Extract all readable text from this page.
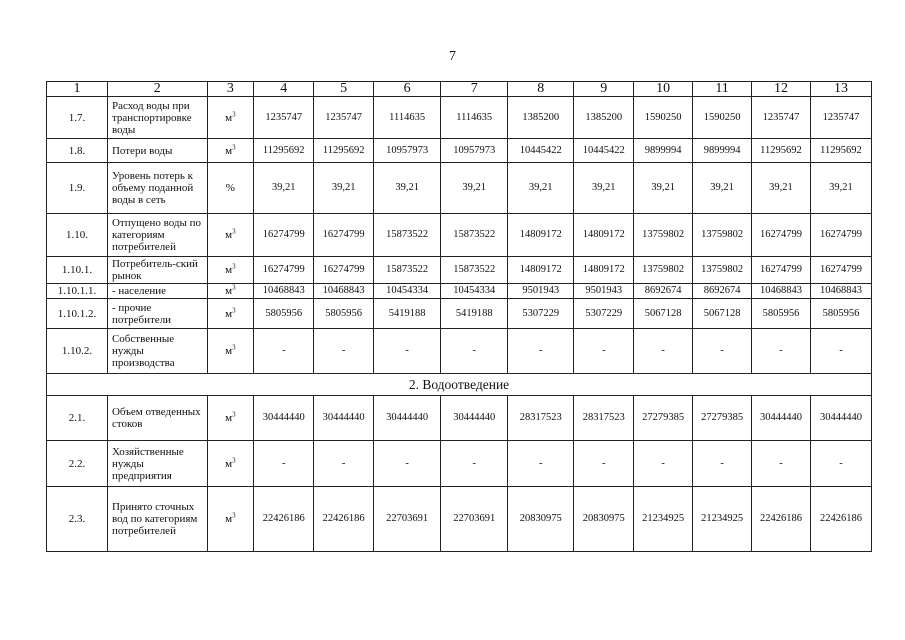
7
1	2	3	4	5	6	7	8	9	10	11	12	13
1.7.	Расход воды при транспортировке воды	$м^3$	1235747	1235747	1114635	1114635	1385200	1385200	1590250	1590250	1235747	1235747
1.8.	Потери воды	$м^3$	11295692	11295692	10957973	10957973	10445422	10445422	9899994	9899994	11295692	11295692
1.9.	Уровень потерь к объему поданной воды в сеть	%	39,21	39,21	39,21	39,21	39,21	39,21	39,21	39,21	39,21	39,21
1.10.	Отпущено воды по категориям потребителей	$м^3$	16274799	16274799	15873522	15873522	14809172	14809172	13759802	13759802	16274799	16274799
1.10.1.	Потребитель-ский рынок	$м^3$	16274799	16274799	15873522	15873522	14809172	14809172	13759802	13759802	16274799	16274799
1.10.1.1.	- население	$м^3$	10468843	10468843	10454334	10454334	9501943	9501943	8692674	8692674	10468843	10468843
1.10.1.2.	- прочие потребители	$м^3$	5805956	5805956	5419188	5419188	5307229	5307229	5067128	5067128	5805956	5805956
1.10.2.	Собственные нужды производства	$м^3$	-	-	-	-	-	-	-	-	-	-
2. Водоотведение												
2.1.	Объем отведенных стоков	$м^3$	30444440	30444440	30444440	30444440	28317523	28317523	27279385	27279385	30444440	30444440
2.2.	Хозяйственные нужды предприятия	$м^3$	-	-	-	-	-	-	-	-	-	-
2.3.	Принято сточных вод по категориям потребителей	$м^3$	22426186	22426186	22703691	22703691	20830975	20830975	21234925	21234925	22426186	22426186
